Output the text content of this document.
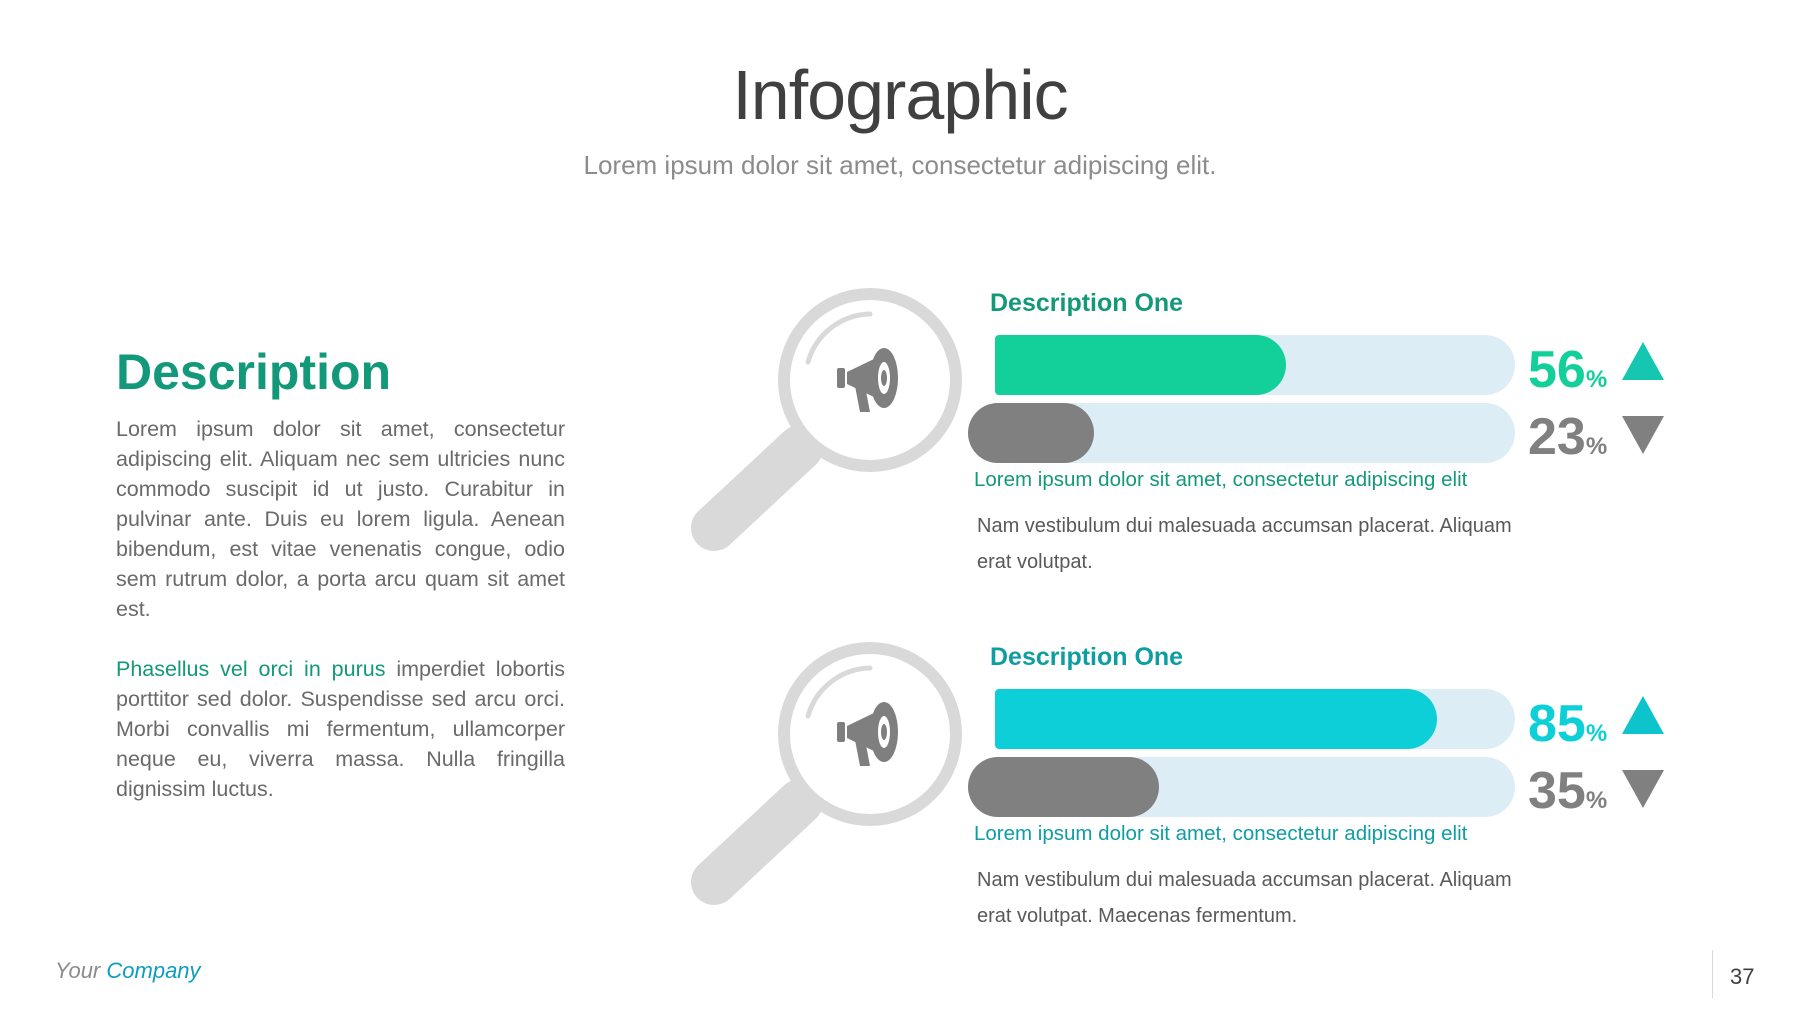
Infographic
Lorem ipsum dolor sit amet, consectetur adipiscing elit.
Description

Lorem ipsum dolor sit amet, consectetur adipiscing elit. Aliquam nec sem ultricies nunc commodo suscipit id ut justo. Curabitur in pulvinar ante. Duis eu lorem ligula. Aenean bibendum, est vitae venenatis congue, odio sem rutrum dolor, a porta arcu quam sit amet est.

Phasellus vel orci in purus imperdiet lobortis porttitor sed dolor. Suspendisse sed arcu orci. Morbi convallis mi fermentum, ullamcorper neque eu, viverra massa. Nulla fringilla dignissim luctus.

Description One
56%
23%
Lorem ipsum dolor sit amet, consectetur adipiscing elit
Nam vestibulum dui malesuada accumsan placerat. Aliquam erat volutpat.
Description One
85%
35%
Lorem ipsum dolor sit amet, consectetur adipiscing elit
Nam vestibulum dui malesuada accumsan placerat. Aliquam erat volutpat. Maecenas fermentum.
Your Company	37
